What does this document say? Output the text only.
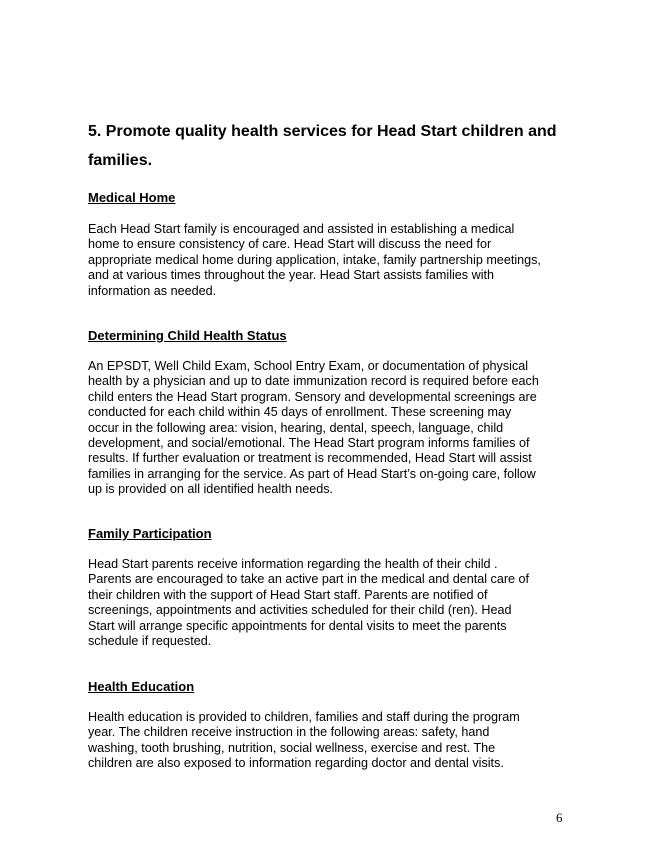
5. Promote quality health services for Head Start children and families.
Medical Home
Each Head Start family is encouraged and assisted in establishing a medical
home to ensure consistency of care. Head Start will discuss the need for
appropriate medical home during application, intake, family partnership meetings,
and at various times throughout the year. Head Start assists families with
information as needed.
Determining Child Health Status
An EPSDT, Well Child Exam, School Entry Exam, or documentation of physical
health by a physician and up to date immunization record is required before each
child enters the Head Start program. Sensory and developmental screenings are
conducted for each child within 45 days of enrollment. These screening may
occur in the following area: vision, hearing, dental, speech, language, child
development, and social/emotional. The Head Start program informs families of
results. If further evaluation or treatment is recommended, Head Start will assist
families in arranging for the service. As part of Head Start’s on-going care, follow
up is provided on all identified health needs.
Family Participation
Head Start parents receive information regarding the health of their child .
Parents are encouraged to take an active part in the medical and dental care of
their children with the support of Head Start staff. Parents are notified of
screenings, appointments and activities scheduled for their child (ren). Head
Start will arrange specific appointments for dental visits to meet the parents
schedule if requested.
Health Education
Health education is provided to children, families and staff during the program
year. The children receive instruction in the following areas: safety, hand
washing, tooth brushing, nutrition, social wellness, exercise and rest. The
children are also exposed to information regarding doctor and dental visits.
6
